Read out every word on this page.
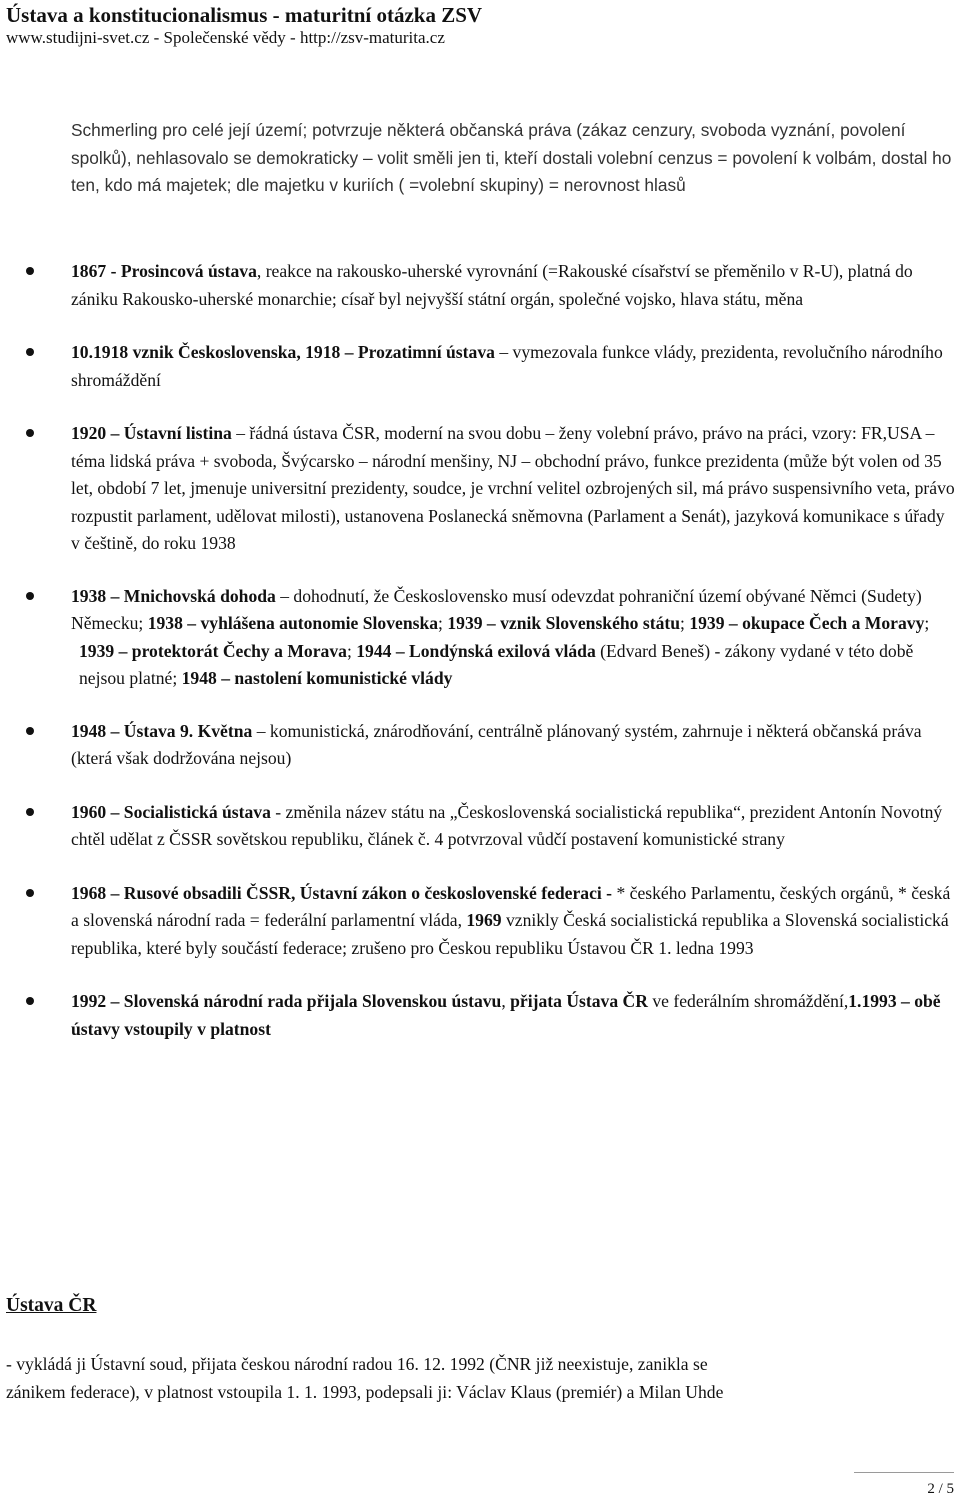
Ústava a konstitucionalismus - maturitní otázka ZSV
www.studijni-svet.cz - Společenské vědy - http://zsv-maturita.cz

Schmerling pro celé její území; potvrzuje některá občanská práva (zákaz cenzury, svoboda vyznání, povolení spolků), nehlasovalo se demokraticky – volit směli jen ti, kteří dostali volební cenzus = povolení k volbám, dostal ho ten, kdo má majetek; dle majetku v kuriích ( =volební skupiny) = nerovnost hlasů

1867 - Prosincová ústava, reakce na rakousko-uherské vyrovnání (=Rakouské císařství se přeměnilo v R-U), platná do zániku Rakousko-uherské monarchie; císař byl nejvyšší státní orgán, společné vojsko, hlava státu, měna
10.1918 vznik Československa, 1918 – Prozatimní ústava – vymezovala funkce vlády, prezidenta, revolučního národního shromáždění
1920 – Ústavní listina – řádná ústava ČSR, moderní na svou dobu – ženy volební právo, právo na práci, vzory: FR,USA – téma lidská práva + svoboda, Švýcarsko – národní menšiny, NJ – obchodní právo, funkce prezidenta (může být volen od 35 let, období 7 let, jmenuje universitní prezidenty, soudce, je vrchní velitel ozbrojených sil, má právo suspensivního veta, právo rozpustit parlament, udělovat milosti), ustanovena Poslanecká sněmovna (Parlament a Senát), jazyková komunikace s úřady v češtině, do roku 1938
1938 – Mnichovská dohoda – dohodnutí, že Československo musí odevzdat pohraniční území obývané Němci (Sudety) Německu; 1938 – vyhlášena autonomie Slovenska; 1939 – vznik Slovenského státu; 1939 – okupace Čech a Moravy;
1939 – protektorát Čechy a Morava; 1944 – Londýnská exilová vláda (Edvard Beneš) - zákony vydané v této době nejsou platné; 1948 – nastolení komunistické vlády
1948 – Ústava 9. Května – komunistická, znárodňování, centrálně plánovaný systém, zahrnuje i některá občanská práva (která však dodržována nejsou)
1960 – Socialistická ústava - změnila název státu na „Československá socialistická republika“, prezident Antonín Novotný chtěl udělat z ČSSR sovětskou republiku, článek č. 4 potvrzoval vůdčí postavení komunistické strany
1968 – Rusové obsadili ČSSR, Ústavní zákon o československé federaci - * českého Parlamentu, českých orgánů, * česká a slovenská národní rada = federální parlamentní vláda, 1969 vznikly Česká socialistická republika a Slovenská socialistická republika, které byly součástí federace; zrušeno pro Českou republiku Ústavou ČR 1. ledna 1993
1992 – Slovenská národní rada přijala Slovenskou ústavu, přijata Ústava ČR ve federálním shromáždění,1.1993 – obě ústavy vstoupily v platnost
Ústava ČR

- vykládá ji Ústavní soud, přijata českou národní radou 16. 12. 1992 (ČNR již neexistuje, zanikla se
zánikem federace), v platnost vstoupila 1. 1. 1993, podepsali ji: Václav Klaus (premiér) a Milan Uhde

2 / 5
